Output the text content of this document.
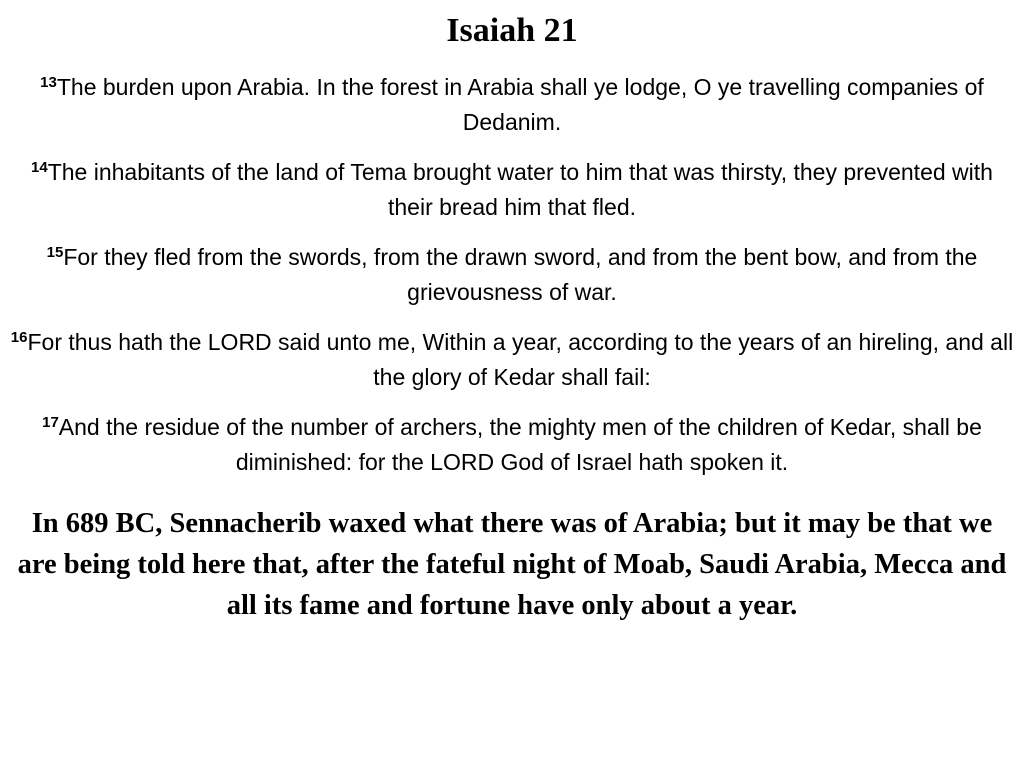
Isaiah 21

$^{13}$The burden upon Arabia. In the forest in Arabia shall ye lodge, O ye travelling companies of Dedanim.

$^{14}$The inhabitants of the land of Tema brought water to him that was thirsty, they prevented with their bread him that fled.

$^{15}$For they fled from the swords, from the drawn sword, and from the bent bow, and from the grievousness of war.

$^{16}$For thus hath the LORD said unto me, Within a year, according to the years of an hireling, and all the glory of Kedar shall fail:

$^{17}$And the residue of the number of archers, the mighty men of the children of Kedar, shall be diminished: for the LORD God of Israel hath spoken it.

In 689 BC, Sennacherib waxed what there was of Arabia; but it may be that we are being told here that, after the fateful night of Moab, Saudi Arabia, Mecca and all its fame and fortune have only about a year.
